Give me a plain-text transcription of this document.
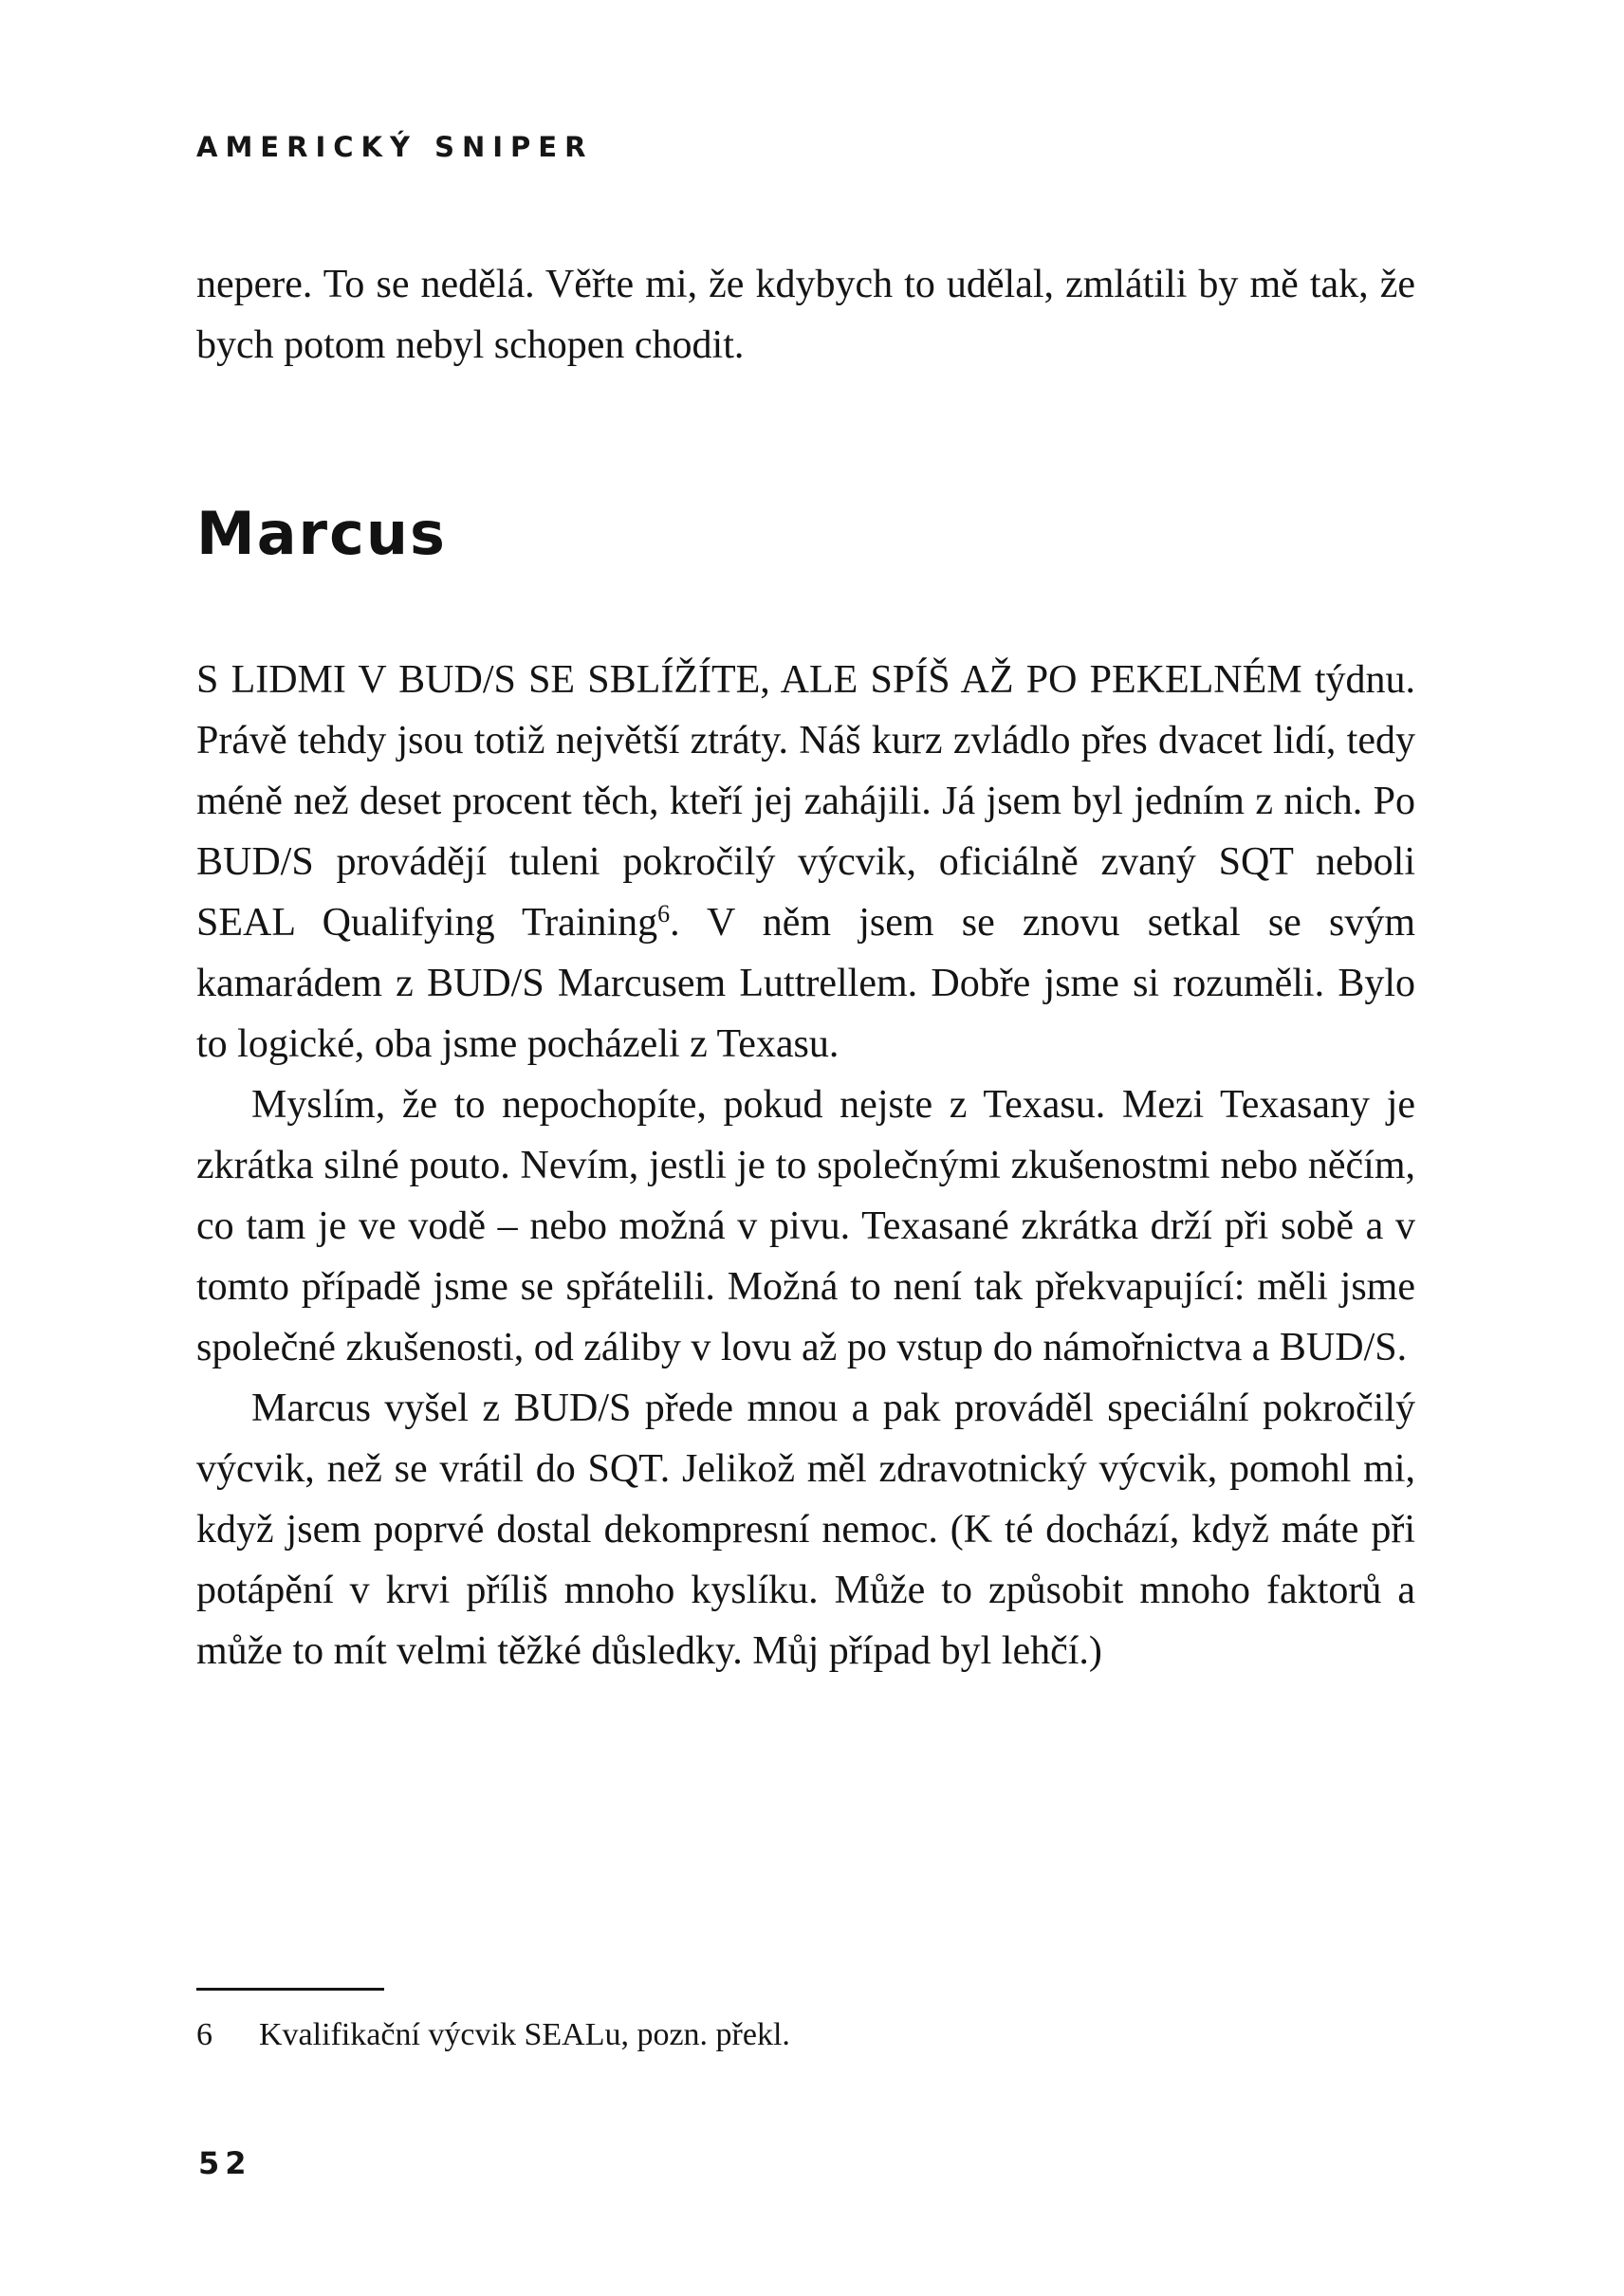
AMERICKÝ SNIPER

nepere. To se nedělá. Věřte mi, že kdybych to udělal, zmlátili by mě tak, že bych potom nebyl schopen chodit.

Marcus

S LIDMI V BUD/S SE SBLÍŽÍTE, ALE SPÍŠ AŽ PO PEKELNÉM týdnu. Právě tehdy jsou totiž největší ztráty. Náš kurz zvládlo přes dvacet lidí, tedy méně než deset procent těch, kteří jej zahájili. Já jsem byl jedním z nich. Po BUD/S provádějí tuleni pokročilý výcvik, oficiálně zvaný SQT neboli SEAL Qualifying Training$^6$. V něm jsem se znovu setkal se svým kamarádem z BUD/S Marcusem Luttrellem. Dobře jsme si rozuměli. Bylo to logické, oba jsme pocházeli z Texasu.

Myslím, že to nepochopíte, pokud nejste z Texasu. Mezi Texasany je zkrátka silné pouto. Nevím, jestli je to společnými zkušenostmi nebo něčím, co tam je ve vodě – nebo možná v pivu. Texasané zkrátka drží při sobě a v tomto případě jsme se spřátelili. Možná to není tak překvapující: měli jsme společné zkušenosti, od záliby v lovu až po vstup do námořnictva a BUD/S.

Marcus vyšel z BUD/S přede mnou a pak prováděl speciální pokročilý výcvik, než se vrátil do SQT. Jelikož měl zdravotnický výcvik, pomohl mi, když jsem poprvé dostal dekompresní nemoc. (K té dochází, když máte při potápění v krvi příliš mnoho kyslíku. Může to způsobit mnoho faktorů a může to mít velmi těžké důsledky. Můj případ byl lehčí.)

6 Kvalifikační výcvik SEALu, pozn. překl.

52
